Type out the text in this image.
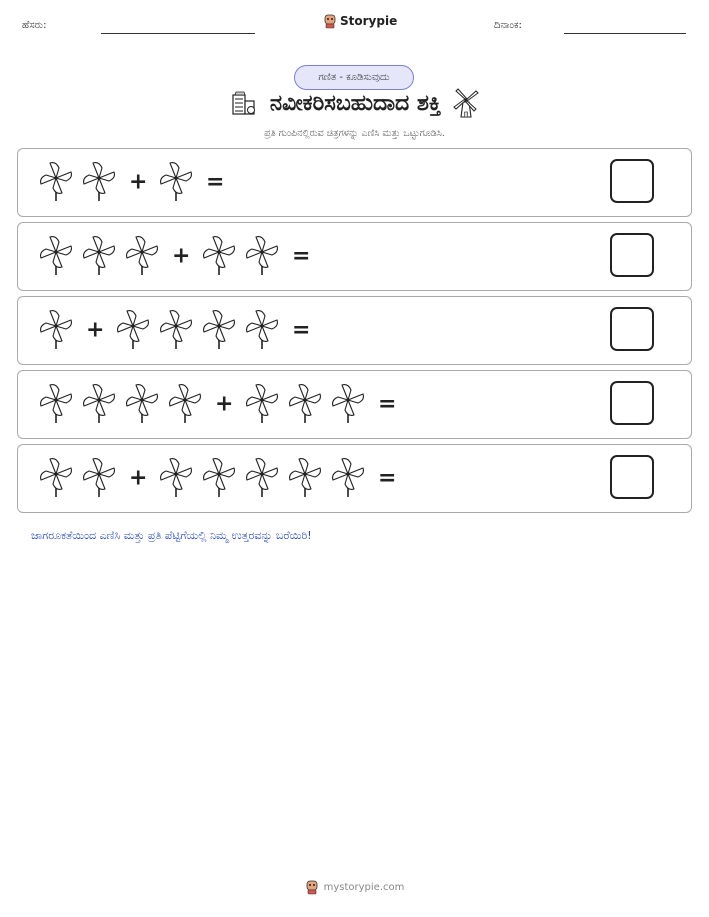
ಹೆಸರು:	Storypie	ದಿನಾಂಕ:
ಗಣಿತ - ಕೂಡಿಸುವುದು
ನವೀಕರಿಸಬಹುದಾದ ಶಕ್ತಿ
ಪ್ರತಿ ಗುಂಪಿನಲ್ಲಿರುವ ಚಿತ್ರಗಳನ್ನು ಎಣಿಸಿ ಮತ್ತು ಒಟ್ಟುಗೂಡಿಸಿ.
+	=
+	=
+	=
+	=
+	=
ಜಾಗರೂಕತೆಯಿಂದ ಎಣಿಸಿ ಮತ್ತು ಪ್ರತಿ ಪೆಟ್ಟಿಗೆಯಲ್ಲಿ ನಿಮ್ಮ ಉತ್ತರವನ್ನು ಬರೆಯಿರಿ!
mystorypie.com
